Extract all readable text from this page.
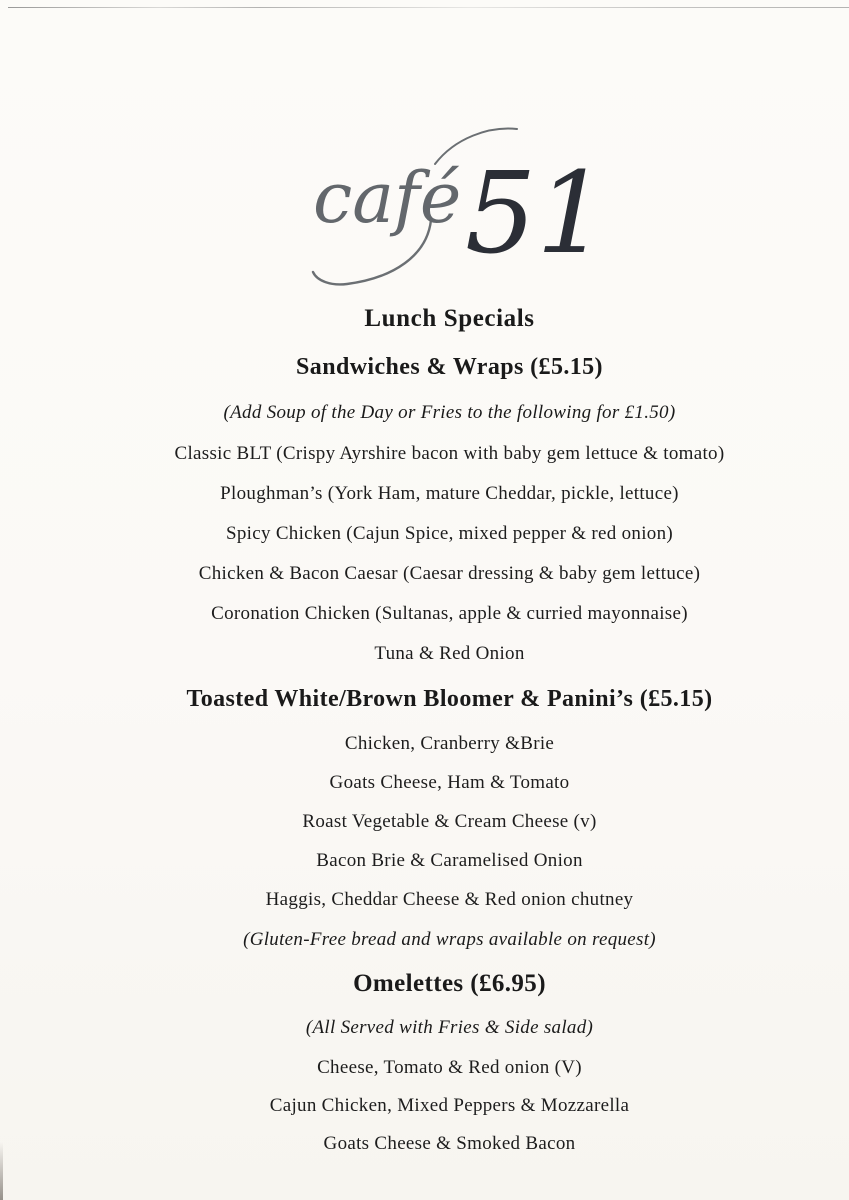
café 51
Lunch Specials
Sandwiches & Wraps (£5.15)

(Add Soup of the Day or Fries to the following for £1.50)

Classic BLT (Crispy Ayrshire bacon with baby gem lettuce & tomato)

Ploughman’s (York Ham, mature Cheddar, pickle, lettuce)

Spicy Chicken (Cajun Spice, mixed pepper & red onion)

Chicken & Bacon Caesar (Caesar dressing & baby gem lettuce)

Coronation Chicken (Sultanas, apple & curried mayonnaise)

Tuna & Red Onion

Toasted White/Brown Bloomer & Panini’s (£5.15)

Chicken, Cranberry &Brie

Goats Cheese, Ham & Tomato

Roast Vegetable & Cream Cheese (v)

Bacon Brie & Caramelised Onion

Haggis, Cheddar Cheese & Red onion chutney

(Gluten-Free bread and wraps available on request)

Omelettes (£6.95)

(All Served with Fries & Side salad)

Cheese, Tomato & Red onion (V)

Cajun Chicken, Mixed Peppers & Mozzarella

Goats Cheese & Smoked Bacon
